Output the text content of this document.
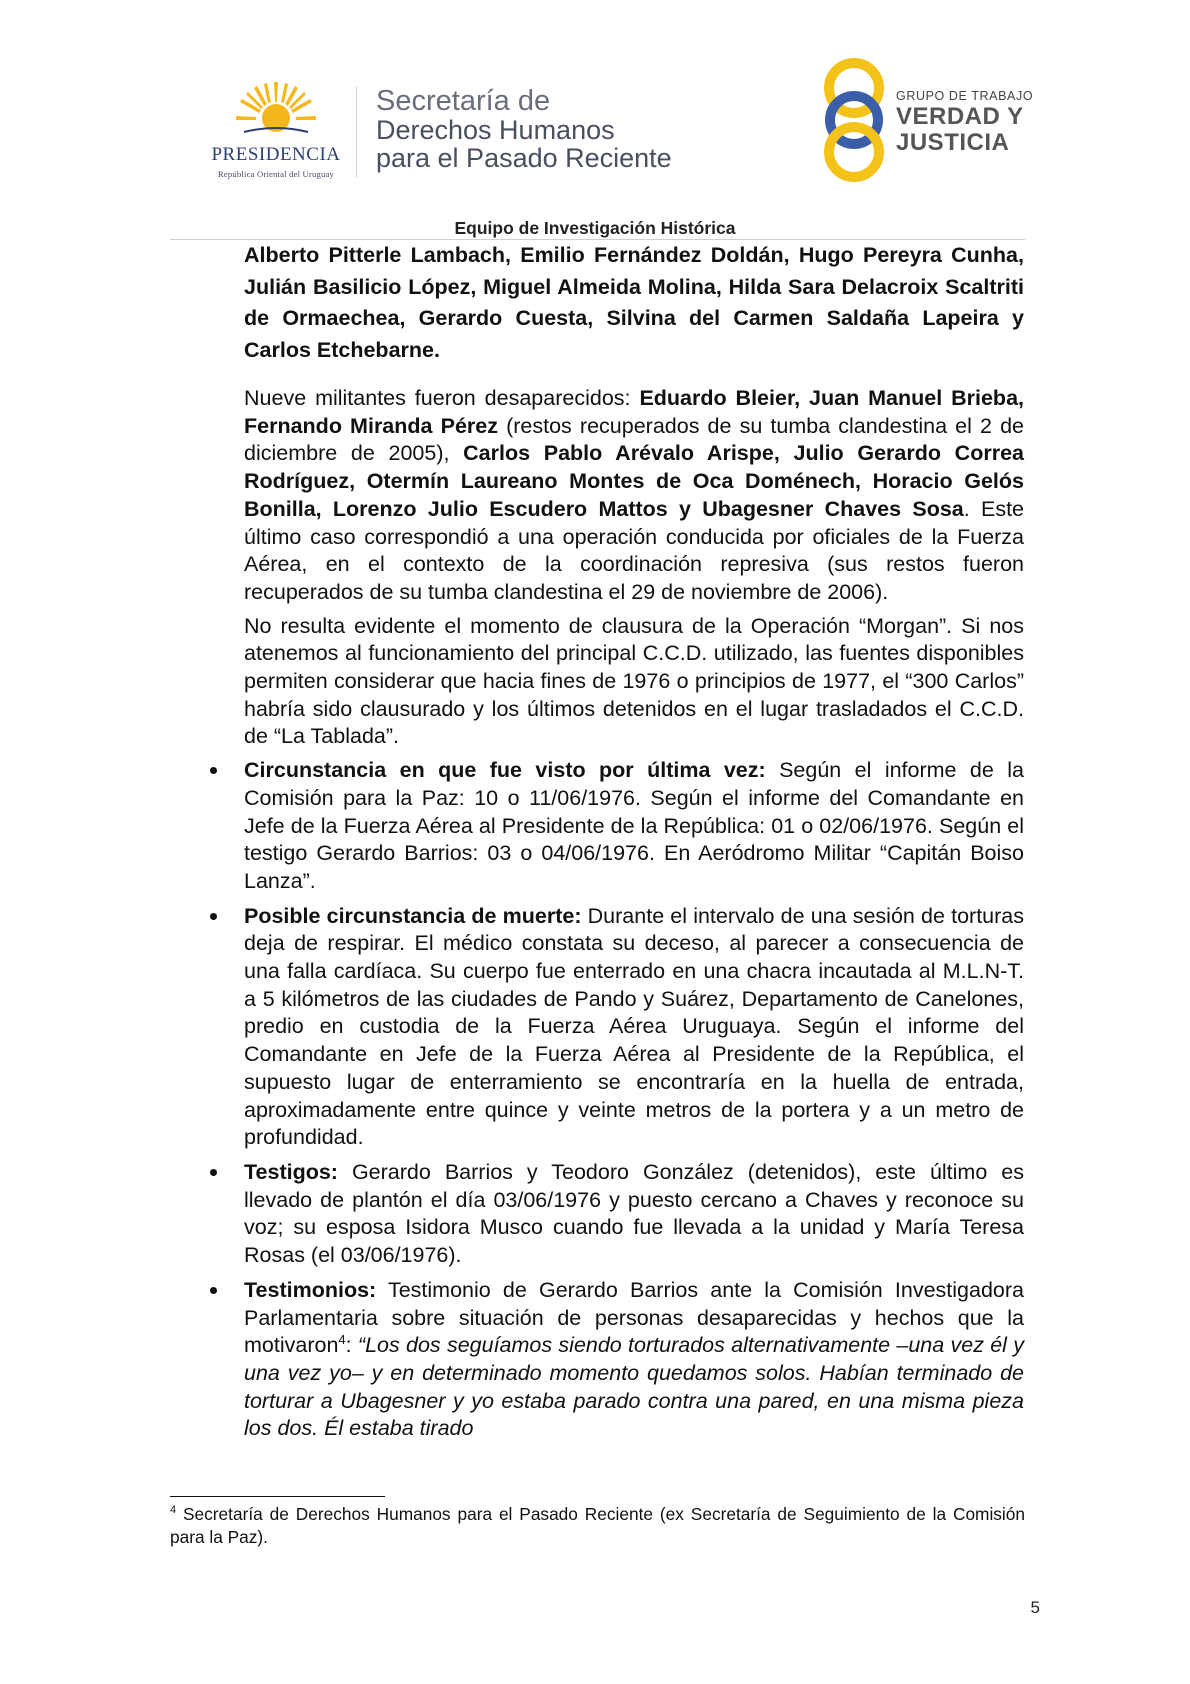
PRESIDENCIA
República Oriental del Uruguay
Secretaría de
Derechos Humanos
para el Pasado Reciente
GRUPO DE TRABAJO
VERDAD Y
JUSTICIA
Equipo de Investigación Histórica

Alberto Pitterle Lambach, Emilio Fernández Doldán, Hugo Pereyra Cunha, Julián Basilicio López, Miguel Almeida Molina, Hilda Sara Delacroix Scaltriti de Ormaechea, Gerardo Cuesta, Silvina del Carmen Saldaña Lapeira y Carlos Etchebarne.

Nueve militantes fueron desaparecidos: Eduardo Bleier, Juan Manuel Brieba, Fernando Miranda Pérez (restos recuperados de su tumba clandestina el 2 de diciembre de 2005), Carlos Pablo Arévalo Arispe, Julio Gerardo Correa Rodríguez, Otermín Laureano Montes de Oca Doménech, Horacio Gelós Bonilla, Lorenzo Julio Escudero Mattos y Ubagesner Chaves Sosa. Este último caso correspondió a una operación conducida por oficiales de la Fuerza Aérea, en el contexto de la coordinación represiva (sus restos fueron recuperados de su tumba clandestina el 29 de noviembre de 2006).

No resulta evidente el momento de clausura de la Operación “Morgan”. Si nos atenemos al funcionamiento del principal C.C.D. utilizado, las fuentes disponibles permiten considerar que hacia fines de 1976 o principios de 1977, el “300 Carlos” habría sido clausurado y los últimos detenidos en el lugar trasladados el C.C.D. de “La Tablada”.

Circunstancia en que fue visto por última vez: Según el informe de la Comisión para la Paz: 10 o 11/06/1976. Según el informe del Comandante en Jefe de la Fuerza Aérea al Presidente de la República: 01 o 02/06/1976. Según el testigo Gerardo Barrios: 03 o 04/06/1976. En Aeródromo Militar “Capitán Boiso Lanza”.
Posible circunstancia de muerte: Durante el intervalo de una sesión de torturas deja de respirar. El médico constata su deceso, al parecer a consecuencia de una falla cardíaca. Su cuerpo fue enterrado en una chacra incautada al M.L.N-T. a 5 kilómetros de las ciudades de Pando y Suárez, Departamento de Canelones, predio en custodia de la Fuerza Aérea Uruguaya. Según el informe del Comandante en Jefe de la Fuerza Aérea al Presidente de la República, el supuesto lugar de enterramiento se encontraría en la huella de entrada, aproximadamente entre quince y veinte metros de la portera y a un metro de profundidad.
Testigos: Gerardo Barrios y Teodoro González (detenidos), este último es llevado de plantón el día 03/06/1976 y puesto cercano a Chaves y reconoce su voz; su esposa Isidora Musco cuando fue llevada a la unidad y María Teresa Rosas (el 03/06/1976).
Testimonios: Testimonio de Gerardo Barrios ante la Comisión Investigadora Parlamentaria sobre situación de personas desaparecidas y hechos que la motivaron$^4$: “Los dos seguíamos siendo torturados alternativamente –una vez él y una vez yo– y en determinado momento quedamos solos. Habían terminado de torturar a Ubagesner y yo estaba parado contra una pared, en una misma pieza los dos. Él estaba tirado
$^4$ Secretaría de Derechos Humanos para el Pasado Reciente (ex Secretaría de Seguimiento de la Comisión para la Paz).
5
